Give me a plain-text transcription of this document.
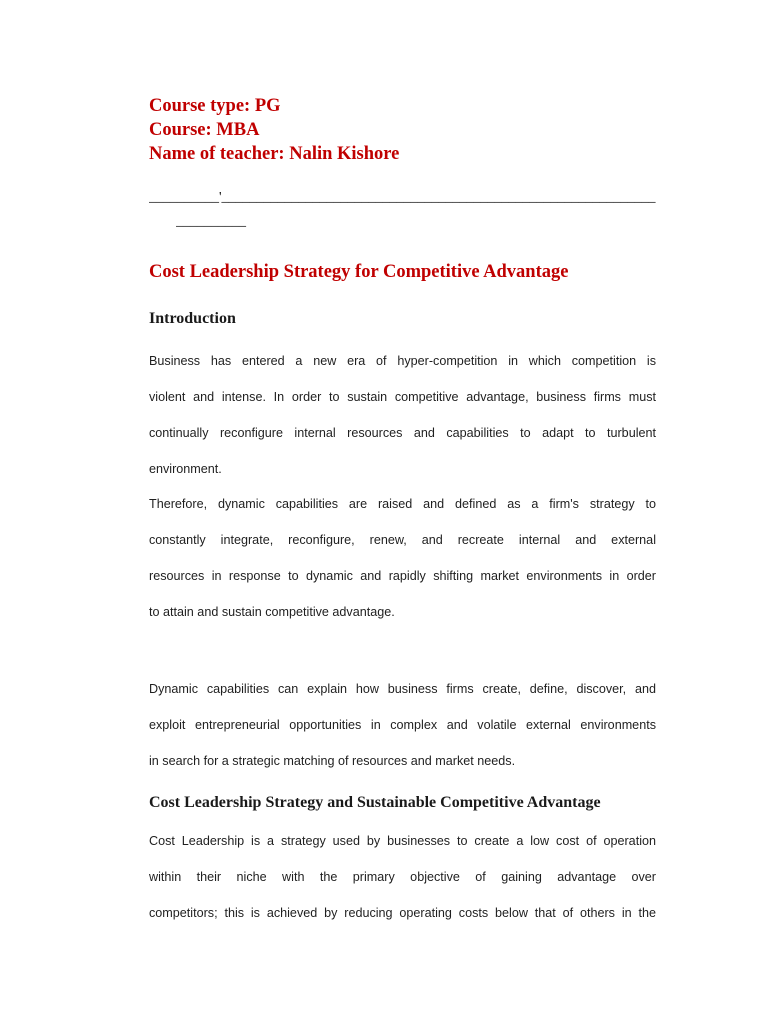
Course type: PG
Course: MBA
Name of teacher: Nalin Kishore
__________'______________________________________________________________
__________
Cost Leadership Strategy for Competitive Advantage
Introduction
Business has entered a new era of hyper-competition in which competition is
violent and intense. In order to sustain competitive advantage, business firms must
continually reconfigure internal resources and capabilities to adapt to turbulent
environment.
Therefore, dynamic capabilities are raised and defined as a firm's strategy to
constantly integrate, reconfigure, renew, and recreate internal and external
resources in response to dynamic and rapidly shifting market environments in order
to attain and sustain competitive advantage.
Dynamic capabilities can explain how business firms create, define, discover, and
exploit entrepreneurial opportunities in complex and volatile external environments
in search for a strategic matching of resources and market needs.
Cost Leadership Strategy and Sustainable Competitive Advantage
Cost Leadership is a strategy used by businesses to create a low cost of operation
within their niche with the primary objective of gaining advantage over
competitors; this is achieved by reducing operating costs below that of others in the
